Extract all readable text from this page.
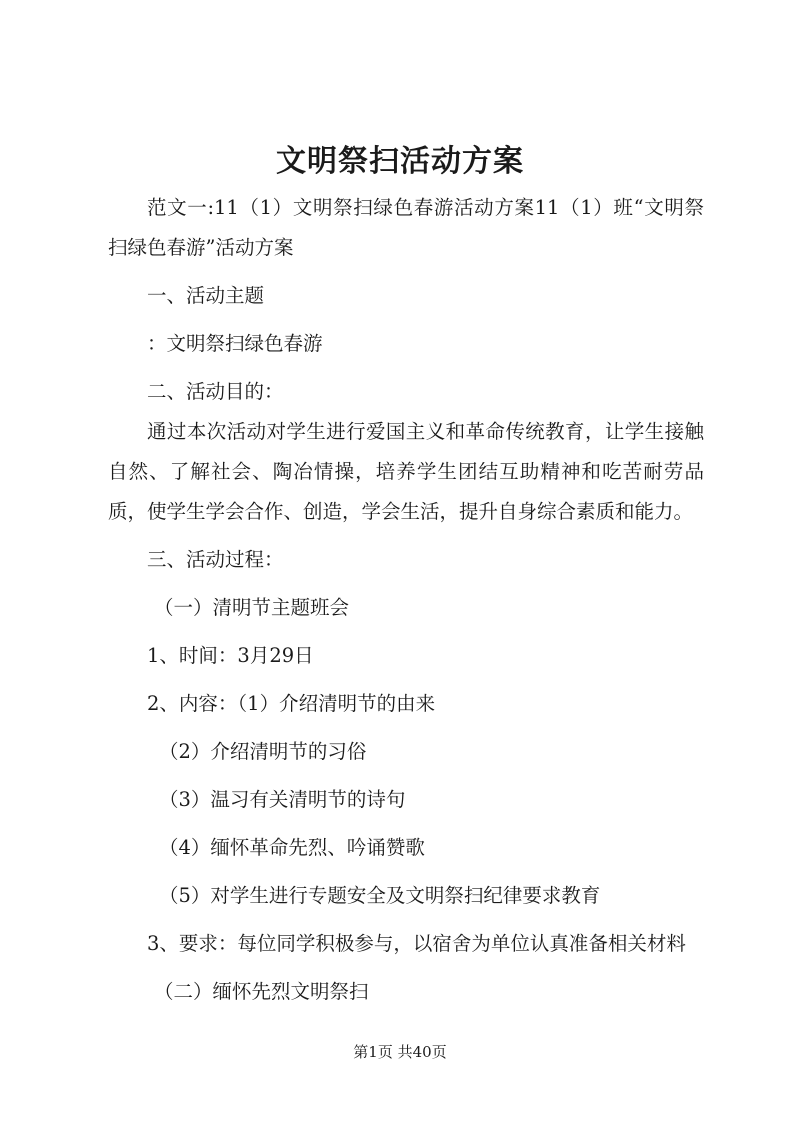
文明祭扫活动方案

范文一:11（1）文明祭扫绿色春游活动方案11（1）班“文明祭扫绿色春游”活动方案

一、活动主题

：文明祭扫绿色春游

二、活动目的：

通过本次活动对学生进行爱国主义和革命传统教育，让学生接触自然、了解社会、陶冶情操，培养学生团结互助精神和吃苦耐劳品质，使学生学会合作、创造，学会生活，提升自身综合素质和能力。

三、活动过程：

（一）清明节主题班会

1、时间：3月29日

2、内容：（1）介绍清明节的由来

（2）介绍清明节的习俗

（3）温习有关清明节的诗句

（4）缅怀革命先烈、吟诵赞歌

（5）对学生进行专题安全及文明祭扫纪律要求教育

3、要求：每位同学积极参与，以宿舍为单位认真准备相关材料

（二）缅怀先烈文明祭扫

第1页 共40页
